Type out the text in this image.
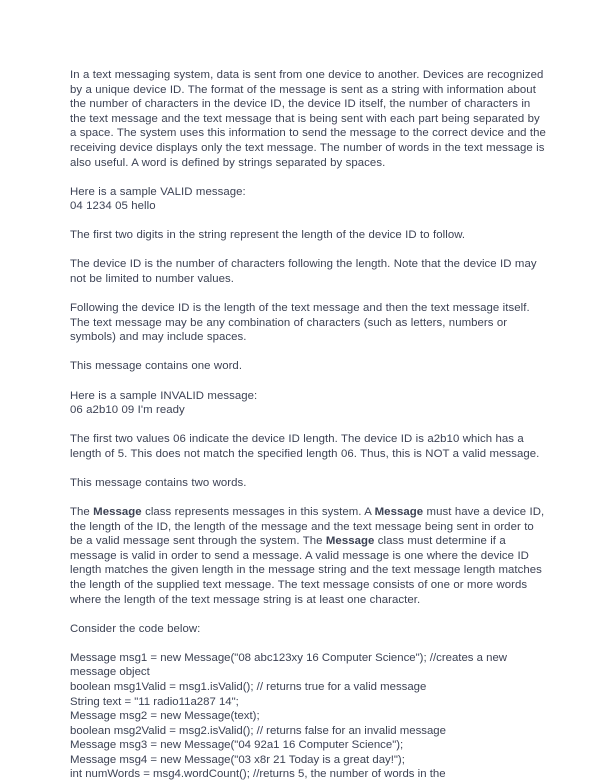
In a text messaging system, data is sent from one device to another. Devices are recognized by a unique device ID. The format of the message is sent as a string with information about the number of characters in the device ID, the device ID itself, the number of characters in the text message and the text message that is being sent with each part being separated by a space. The system uses this information to send the message to the correct device and the receiving device displays only the text message. The number of words in the text message is also useful. A word is defined by strings separated by spaces.

Here is a sample VALID message:
04 1234 05 hello

The first two digits in the string represent the length of the device ID to follow.

The device ID is the number of characters following the length. Note that the device ID may not be limited to number values.

Following the device ID is the length of the text message and then the text message itself. The text message may be any combination of characters (such as letters, numbers or symbols) and may include spaces.

This message contains one word.

Here is a sample INVALID message:
06 a2b10 09 I'm ready

The first two values 06 indicate the device ID length. The device ID is a2b10 which has a length of 5. This does not match the specified length 06. Thus, this is NOT a valid message.

This message contains two words.

The Message class represents messages in this system. A Message must have a device ID, the length of the ID, the length of the message and the text message being sent in order to be a valid message sent through the system. The Message class must determine if a message is valid in order to send a message. A valid message is one where the device ID length matches the given length in the message string and the text message length matches the length of the supplied text message. The text message consists of one or more words where the length of the text message string is at least one character.

Consider the code below:

Message msg1 = new Message("08 abc123xy 16 Computer Science"); //creates a new
message object
boolean msg1Valid = msg1.isValid(); // returns true for a valid message
String text = "11 radio11a287 14";
Message msg2 = new Message(text);
boolean msg2Valid = msg2.isValid(); // returns false for an invalid message
Message msg3 = new Message("04 92a1 16 Computer Science");
Message msg4 = new Message("03 x8r 21 Today is a great day!");
int numWords = msg4.wordCount(); //returns 5, the number of words in the
